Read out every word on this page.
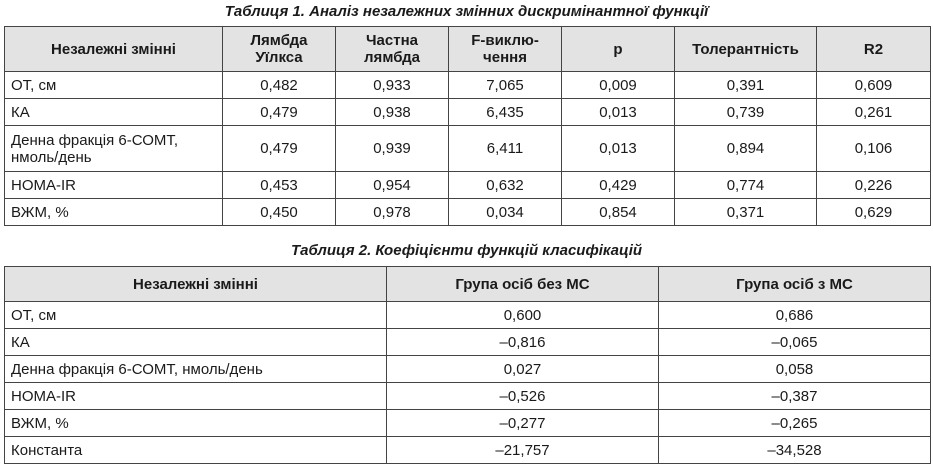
Таблиця 1. Аналіз незалежних змінних дискримінантної функції
Незалежні змінні	Лямбда Уїлкса	Частна лямбда	F-виклю-чення	p	Толерантність	R2
ОТ, см	0,482	0,933	7,065	0,009	0,391	0,609
КА	0,479	0,938	6,435	0,013	0,739	0,261
Денна фракція 6-СОМТ, нмоль/день	0,479	0,939	6,411	0,013	0,894	0,106
HOMA-IR	0,453	0,954	0,632	0,429	0,774	0,226
ВЖМ, %	0,450	0,978	0,034	0,854	0,371	0,629
Таблиця 2. Коефіцієнти функцій класифікацій
Незалежні змінні	Група осіб без МС	Група осіб з МС
ОТ, см	0,600	0,686
КА	–0,816	–0,065
Денна фракція 6-СОМТ, нмоль/день	0,027	0,058
HOMA-IR	–0,526	–0,387
ВЖМ, %	–0,277	–0,265
Константа	–21,757	–34,528
